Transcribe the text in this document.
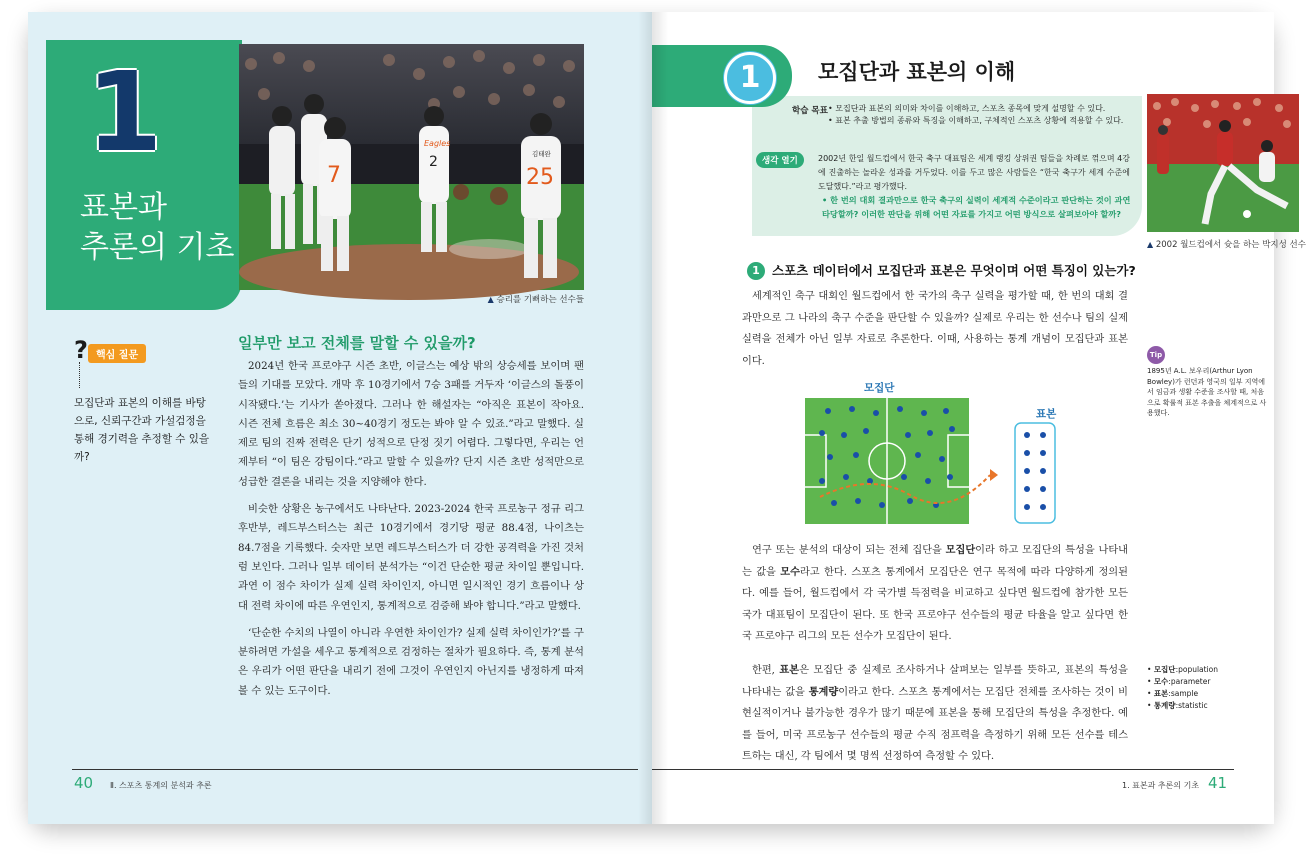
1
표본과
추론의 기초
7
Eagles
2	김태완
25
▲ 승리를 기뻐하는 선수들
? 핵심 질문
모집단과 표본의 이해를 바탕으로, 신뢰구간과 가설검정을 통해 경기력을 추정할 수 있을까?
일부만 보고 전체를 말할 수 있을까?

2024년 한국 프로야구 시즌 초반, 이글스는 예상 밖의 상승세를 보이며 팬들의 기대를 모았다. 개막 후 10경기에서 7승 3패를 거두자 ‘이글스의 돌풍이 시작됐다.’는 기사가 쏟아졌다. 그러나 한 해설자는 “아직은 표본이 작아요. 시즌 전체 흐름은 최소 30~40경기 정도는 봐야 알 수 있죠.”라고 말했다. 실제로 팀의 진짜 전력은 단기 성적으로 단정 짓기 어렵다. 그렇다면, 우리는 언제부터 “이 팀은 강팀이다.”라고 말할 수 있을까? 단지 시즌 초반 성적만으로 성급한 결론을 내리는 것을 지양해야 한다.

비슷한 상황은 농구에서도 나타난다. 2023-2024 한국 프로농구 정규 리그 후반부, 레드부스터스는 최근 10경기에서 경기당 평균 88.4점, 나이츠는 84.7점을 기록했다. 숫자만 보면 레드부스터스가 더 강한 공격력을 가진 것처럼 보인다. 그러나 일부 데이터 분석가는 “이건 단순한 평균 차이일 뿐입니다. 과연 이 점수 차이가 실제 실력 차이인지, 아니면 일시적인 경기 흐름이나 상대 전력 차이에 따른 우연인지, 통계적으로 검증해 봐야 합니다.”라고 말했다.

‘단순한 수치의 나열이 아니라 우연한 차이인가? 실제 실력 차이인가?’를 구분하려면 가설을 세우고 통계적으로 검정하는 절차가 필요하다. 즉, 통계 분석은 우리가 어떤 판단을 내리기 전에 그것이 우연인지 아닌지를 냉정하게 따져 볼 수 있는 도구이다.

40 Ⅱ. 스포츠 통계의 분석과 추론
1	모집단과 표본의 이해
학습 목표 • 모집단과 표본의 의미와 차이를 이해하고, 스포츠 종목에 맞게 설명할 수 있다.
• 표본 추출 방법의 종류와 특징을 이해하고, 구체적인 스포츠 상황에 적용할 수 있다.
생각 열기	2002년 한일 월드컵에서 한국 축구 대표팀은 세계 랭킹 상위권 팀들을 차례로 꺾으며 4강에 진출하는 놀라운 성과를 거두었다. 이를 두고 많은 사람들은 “한국 축구가 세계 수준에 도달했다.”라고 평가했다.
• 한 번의 대회 결과만으로 한국 축구의 실력이 세계적 수준이라고 판단하는 것이 과연 타당할까? 이러한 판단을 위해 어떤 자료를 가지고 어떤 방식으로 살펴보아야 할까?
▲ 2002 월드컵에서 슛을 하는 박지성 선수
1 스포츠 데이터에서 모집단과 표본은 무엇이며 어떤 특징이 있는가?

세계적인 축구 대회인 월드컵에서 한 국가의 축구 실력을 평가할 때, 한 번의 대회 결과만으로 그 나라의 축구 수준을 판단할 수 있을까? 실제로 우리는 한 선수나 팀의 실제 실력을 전체가 아닌 일부 자료로 추론한다. 이때, 사용하는 통계 개념이 모집단과 표본이다.

모집단
표본

연구 또는 분석의 대상이 되는 전체 집단을 모집단이라 하고 모집단의 특성을 나타내는 값을 모수라고 한다. 스포츠 통계에서 모집단은 연구 목적에 따라 다양하게 정의된다. 예를 들어, 월드컵에서 각 국가별 득점력을 비교하고 싶다면 월드컵에 참가한 모든 국가 대표팀이 모집단이 된다. 또 한국 프로야구 선수들의 평균 타율을 알고 싶다면 한국 프로야구 리그의 모든 선수가 모집단이 된다.

한편, 표본은 모집단 중 실제로 조사하거나 살펴보는 일부를 뜻하고, 표본의 특성을 나타내는 값을 통계량이라고 한다. 스포츠 통계에서는 모집단 전체를 조사하는 것이 비현실적이거나 불가능한 경우가 많기 때문에 표본을 통해 모집단의 특성을 추정한다. 예를 들어, 미국 프로농구 선수들의 평균 수직 점프력을 측정하기 위해 모든 선수를 테스트하는 대신, 각 팀에서 몇 명씩 선정하여 측정할 수 있다.

Tip
1895년 A.L. 보우리(Arthur Lyon Bowley)가 런던과 영국의 일부 지역에서 임금과 생활 수준을 조사할 때, 처음으로 확률적 표본 추출을 체계적으로 사용했다.
• 모집단:population
• 모수:parameter
• 표본:sample
• 통계량:statistic
1. 표본과 추론의 기초 41
